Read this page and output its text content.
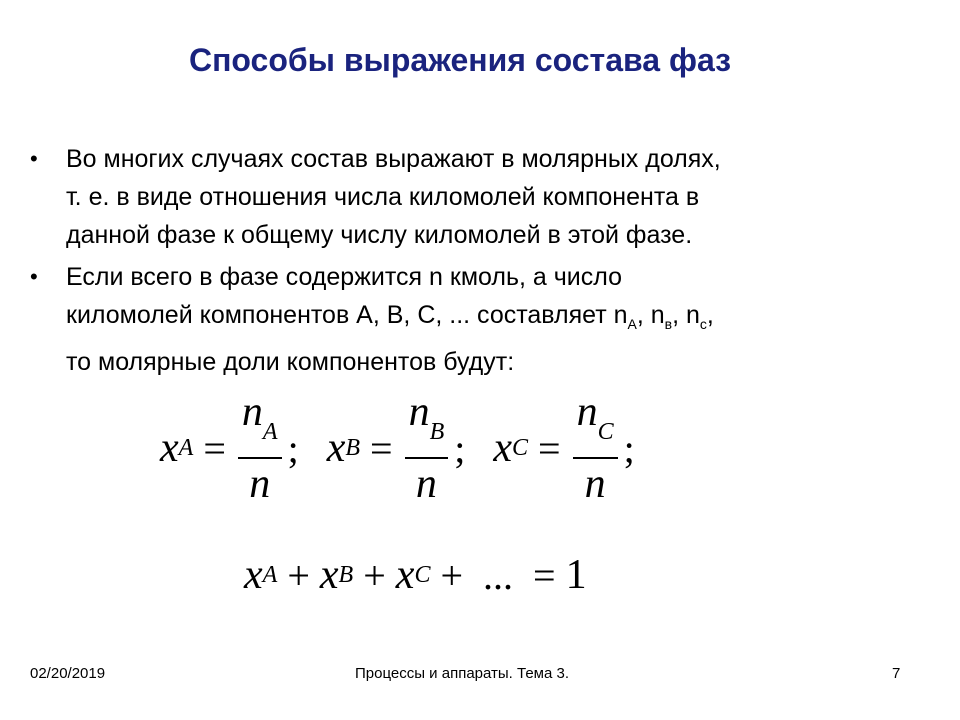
Способы выражения состава фаз
• Во многих случаях состав выражают в молярных долях,
т. е. в виде отношения числа киломолей компонента в
данной фазе к общему числу киломолей в этой фазе.
• Если всего в фазе содержится n кмоль, а число
киломолей компонентов А, В, С, ... составляет $n_А$, $n_в$, $n_с$,
то молярные доли компонентов будут:
x $A = \frac{n_A}{n}$ ; x $B = \frac{n_B}{n}$ ; x $C = \frac{n_C}{n}$ ;
x A + x B + x C + ... = 1
02/20/2019	Процессы и аппараты. Тема 3.	7
